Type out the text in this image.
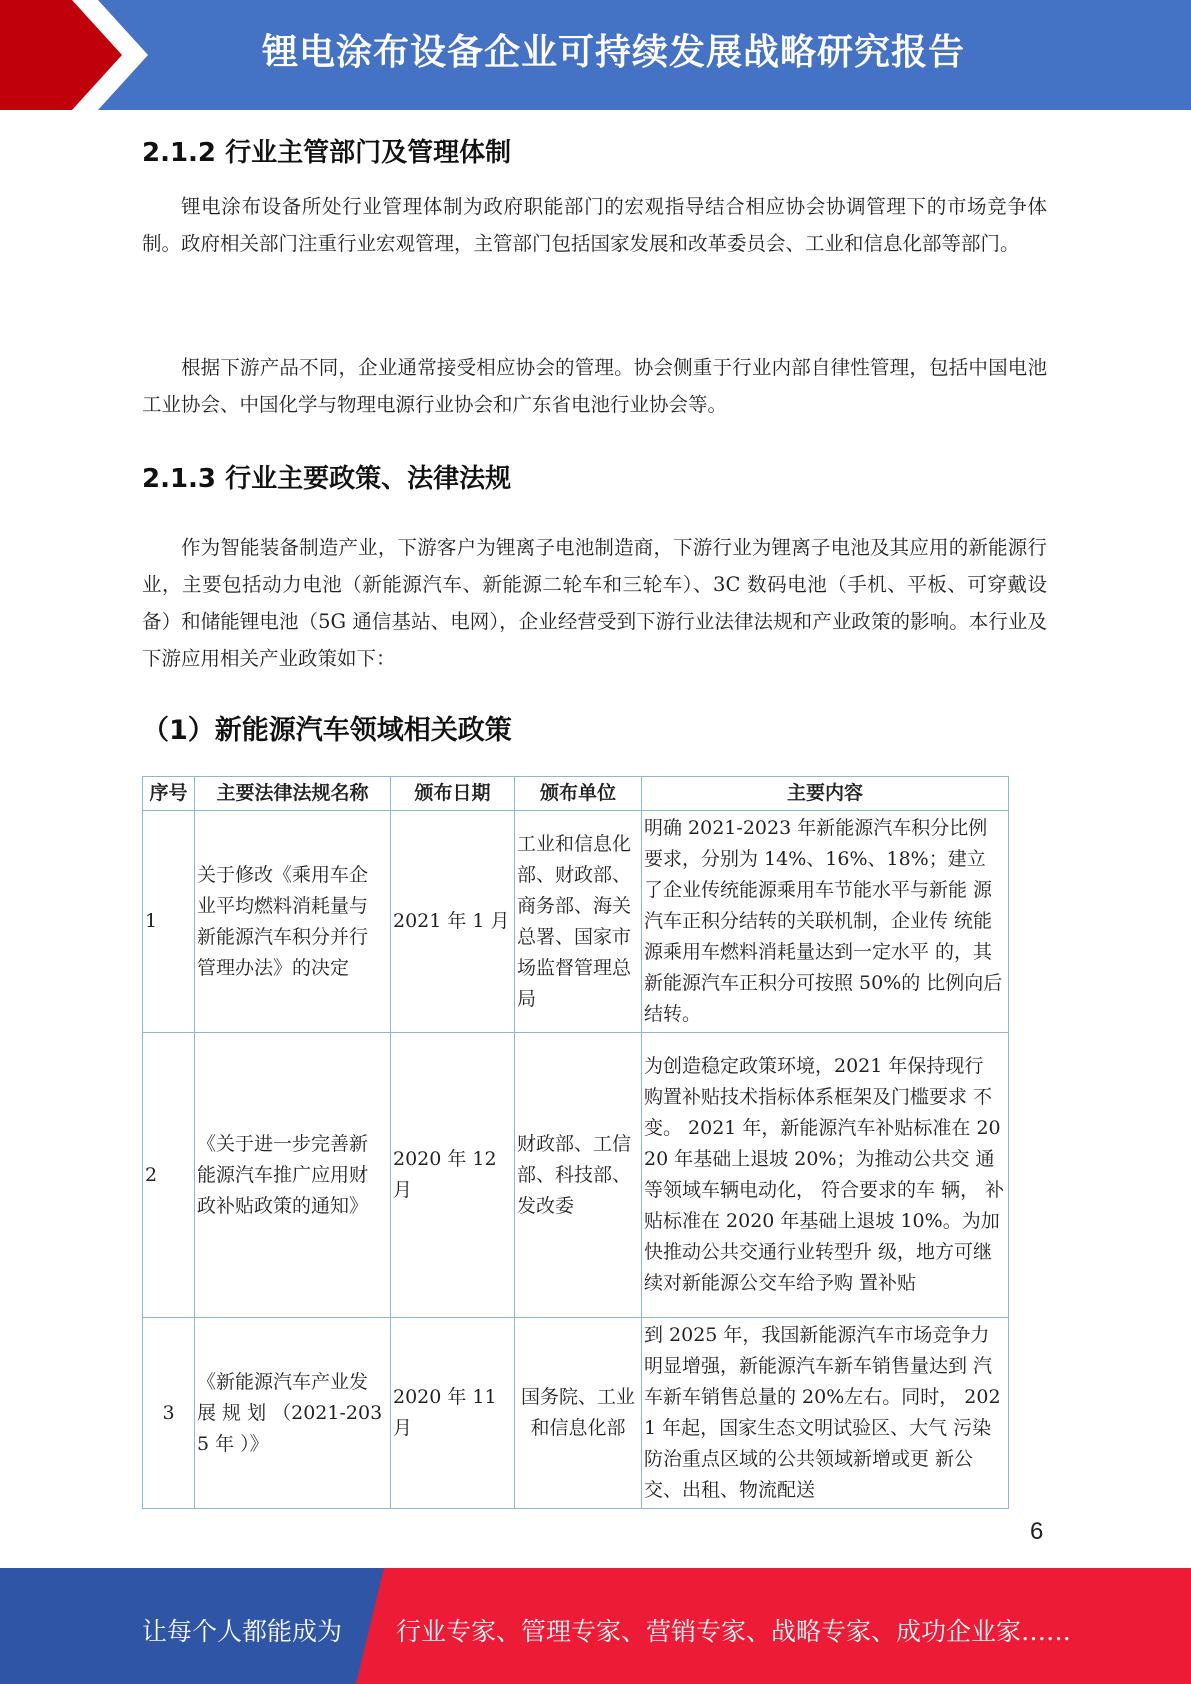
锂电涂布设备企业可持续发展战略研究报告
2.1.2 行业主管部门及管理体制

锂电涂布设备所处行业管理体制为政府职能部门的宏观指导结合相应协会协调管理下的市场竞争体制。政府相关部门注重行业宏观管理，主管部门包括国家发展和改革委员会、工业和信息化部等部门。

根据下游产品不同，企业通常接受相应协会的管理。协会侧重于行业内部自律性管理，包括中国电池工业协会、中国化学与物理电源行业协会和广东省电池行业协会等。

2.1.3 行业主要政策、法律法规

作为智能装备制造产业，下游客户为锂离子电池制造商，下游行业为锂离子电池及其应用的新能源行业，主要包括动力电池（新能源汽车、新能源二轮车和三轮车）、3C 数码电池（手机、平板、可穿戴设备）和储能锂电池（5G 通信基站、电网），企业经营受到下游行业法律法规和产业政策的影响。本行业及下游应用相关产业政策如下：

（1）新能源汽车领域相关政策
序号	主要法律法规名称	颁布日期	颁布单位	主要内容
1	关于修改《乘用车企 业平均燃料消耗量与 新能源汽车积分并行 管理办法》的决定	2021 年 1 月	工业和信息化部、财政部、商务部、海关总署、国家市场监督管理总局	明确 2021-2023 年新能源汽车积分比例 要求，分别为 14%、16%、18%；建立 了企业传统能源乘用车节能水平与新能 源汽车正积分结转的关联机制，企业传 统能源乘用车燃料消耗量达到一定水平 的，其新能源汽车正积分可按照 50%的 比例向后结转。
2	《关于进一步完善新 能源汽车推广应用财 政补贴政策的通知》	2020 年 12 月	财政部、工信部、科技部、发改委	为创造稳定政策环境，2021 年保持现行 购置补贴技术指标体系框架及门槛要求 不变。 2021 年，新能源汽车补贴标准在 2020 年基础上退坡 20%；为推动公共交 通等领域车辆电动化， 符合要求的车 辆， 补贴标准在 2020 年基础上退坡 10%。为加快推动公共交通行业转型升 级，地方可继续对新能源公交车给予购 置补贴
3	《新能源汽车产业发 展 规 划 （2021-2035 年 ）》	2020 年 11 月	国务院、工业和信息化部	到 2025 年，我国新能源汽车市场竞争力 明显增强，新能源汽车新车销售量达到 汽车新车销售总量的 20%左右。同时， 2021 年起，国家生态文明试验区、大气 污染防治重点区域的公共领域新增或更 新公交、出租、物流配送
6
让每个人都能成为 行业专家、管理专家、营销专家、战略专家、成功企业家……
